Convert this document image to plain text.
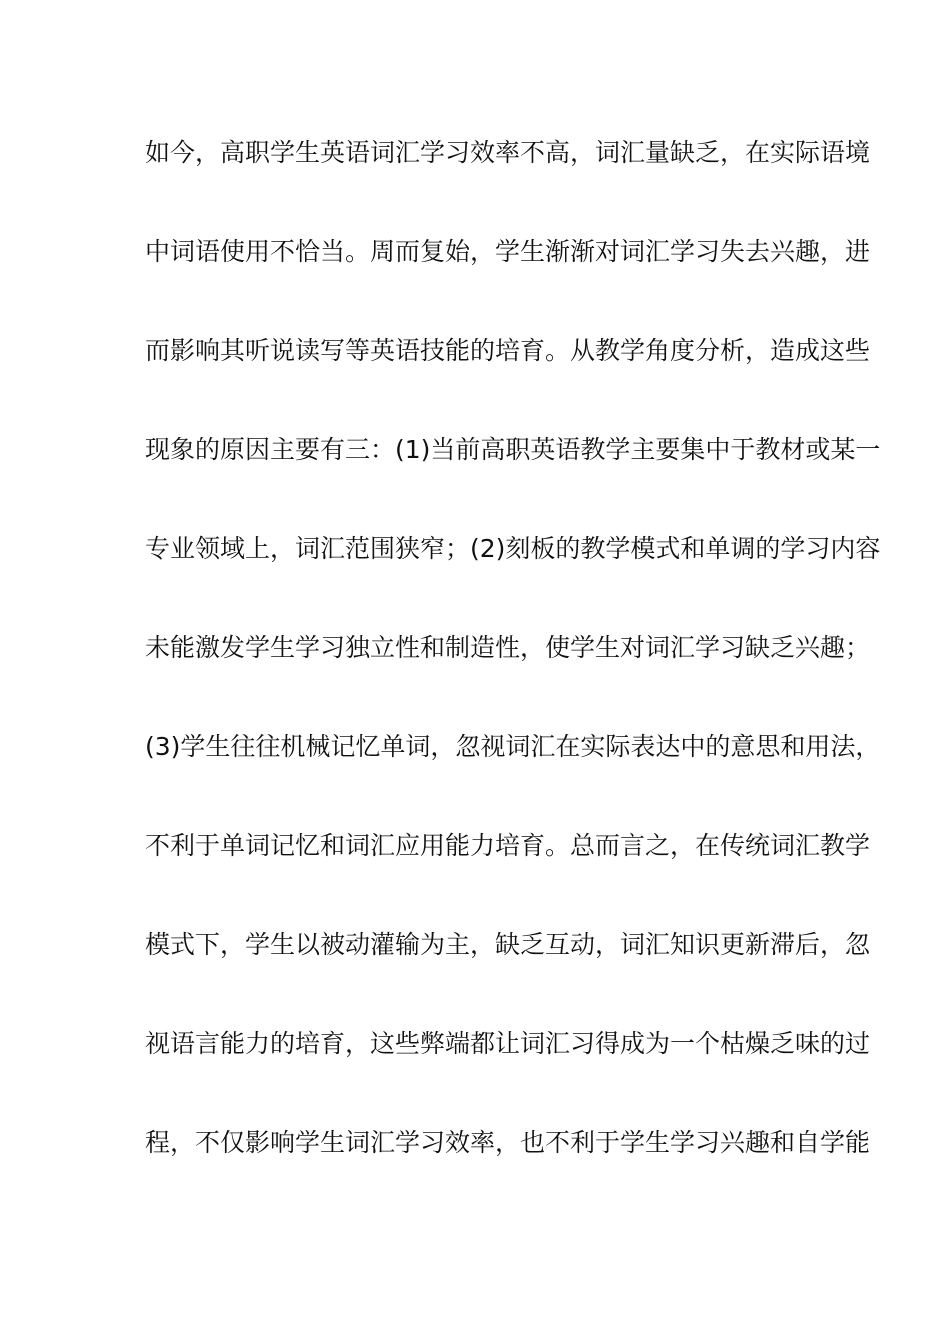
如今，高职学生英语词汇学习效率不高，词汇量缺乏，在实际语境
中词语使用不恰当。周而复始，学生渐渐对词汇学习失去兴趣，进
而影响其听说读写等英语技能的培育。从教学角度分析，造成这些
现象的原因主要有三：(1)当前高职英语教学主要集中于教材或某一
专业领域上，词汇范围狭窄；(2)刻板的教学模式和单调的学习内容
未能激发学生学习独立性和制造性，使学生对词汇学习缺乏兴趣；
(3)学生往往机械记忆单词，忽视词汇在实际表达中的意思和用法，
不利于单词记忆和词汇应用能力培育。总而言之，在传统词汇教学
模式下，学生以被动灌输为主，缺乏互动，词汇知识更新滞后，忽
视语言能力的培育，这些弊端都让词汇习得成为一个枯燥乏味的过
程，不仅影响学生词汇学习效率，也不利于学生学习兴趣和自学能
